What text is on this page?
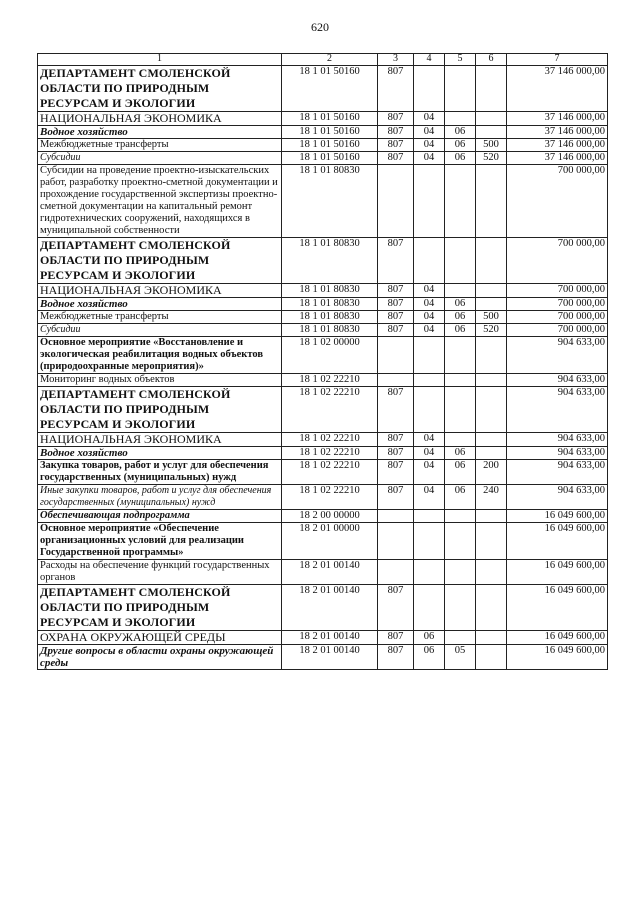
620
1	2	3	4	5	6	7
ДЕПАРТАМЕНТ СМОЛЕНСКОЙ ОБЛАСТИ ПО ПРИРОДНЫМ РЕСУРСАМ И ЭКОЛОГИИ	18 1 01 50160	807				37 146 000,00
НАЦИОНАЛЬНАЯ ЭКОНОМИКА	18 1 01 50160	807	04			37 146 000,00
Водное хозяйство	18 1 01 50160	807	04	06		37 146 000,00
Межбюджетные трансферты	18 1 01 50160	807	04	06	500	37 146 000,00
Субсидии	18 1 01 50160	807	04	06	520	37 146 000,00
Субсидии на проведение проектно-изыскательских работ, разработку проектно-сметной документации и прохождение государственной экспертизы проектно-сметной документации на капитальный ремонт гидротехнических сооружений, находящихся в муниципальной собственности	18 1 01 80830					700 000,00
ДЕПАРТАМЕНТ СМОЛЕНСКОЙ ОБЛАСТИ ПО ПРИРОДНЫМ РЕСУРСАМ И ЭКОЛОГИИ	18 1 01 80830	807				700 000,00
НАЦИОНАЛЬНАЯ ЭКОНОМИКА	18 1 01 80830	807	04			700 000,00
Водное хозяйство	18 1 01 80830	807	04	06		700 000,00
Межбюджетные трансферты	18 1 01 80830	807	04	06	500	700 000,00
Субсидии	18 1 01 80830	807	04	06	520	700 000,00
Основное мероприятие «Восстановление и экологическая реабилитация водных объектов (природоохранные мероприятия)»	18 1 02 00000					904 633,00
Мониторинг водных объектов	18 1 02 22210					904 633,00
ДЕПАРТАМЕНТ СМОЛЕНСКОЙ ОБЛАСТИ ПО ПРИРОДНЫМ РЕСУРСАМ И ЭКОЛОГИИ	18 1 02 22210	807				904 633,00
НАЦИОНАЛЬНАЯ ЭКОНОМИКА	18 1 02 22210	807	04			904 633,00
Водное хозяйство	18 1 02 22210	807	04	06		904 633,00
Закупка товаров, работ и услуг для обеспечения государственных (муниципальных) нужд	18 1 02 22210	807	04	06	200	904 633,00
Иные закупки товаров, работ и услуг для обеспечения государственных (муниципальных) нужд	18 1 02 22210	807	04	06	240	904 633,00
Обеспечивающая подпрограмма	18 2 00 00000					16 049 600,00
Основное мероприятие «Обеспечение организационных условий для реализации Государственной программы»	18 2 01 00000					16 049 600,00
Расходы на обеспечение функций государственных органов	18 2 01 00140					16 049 600,00
ДЕПАРТАМЕНТ СМОЛЕНСКОЙ ОБЛАСТИ ПО ПРИРОДНЫМ РЕСУРСАМ И ЭКОЛОГИИ	18 2 01 00140	807				16 049 600,00
ОХРАНА ОКРУЖАЮЩЕЙ СРЕДЫ	18 2 01 00140	807	06			16 049 600,00
Другие вопросы в области охраны окружающей среды	18 2 01 00140	807	06	05		16 049 600,00
